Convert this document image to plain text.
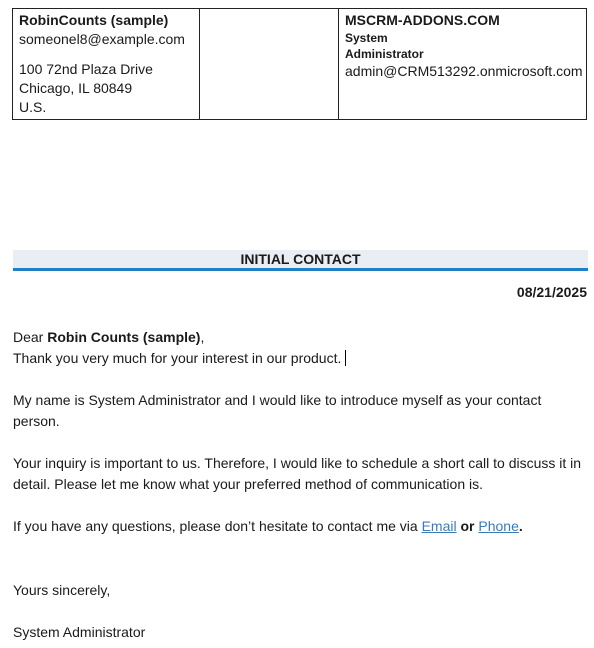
RobinCounts (sample)
someonel8@example.com
100 72nd Plaza Drive
Chicago, IL 80849
U.S.

MSCRM-ADDONS.COM
System
Administrator
admin@CRM513292.onmicrosoft.com
INITIAL CONTACT
08/21/2025

Dear Robin Counts (sample),

Thank you very much for your interest in our product.

My name is System Administrator and I would like to introduce myself as your contact person.

Your inquiry is important to us. Therefore, I would like to schedule a short call to discuss it in detail. Please let me know what your preferred method of communication is.

If you have any questions, please don’t hesitate to contact me via Email or Phone.

Yours sincerely,

System Administrator
